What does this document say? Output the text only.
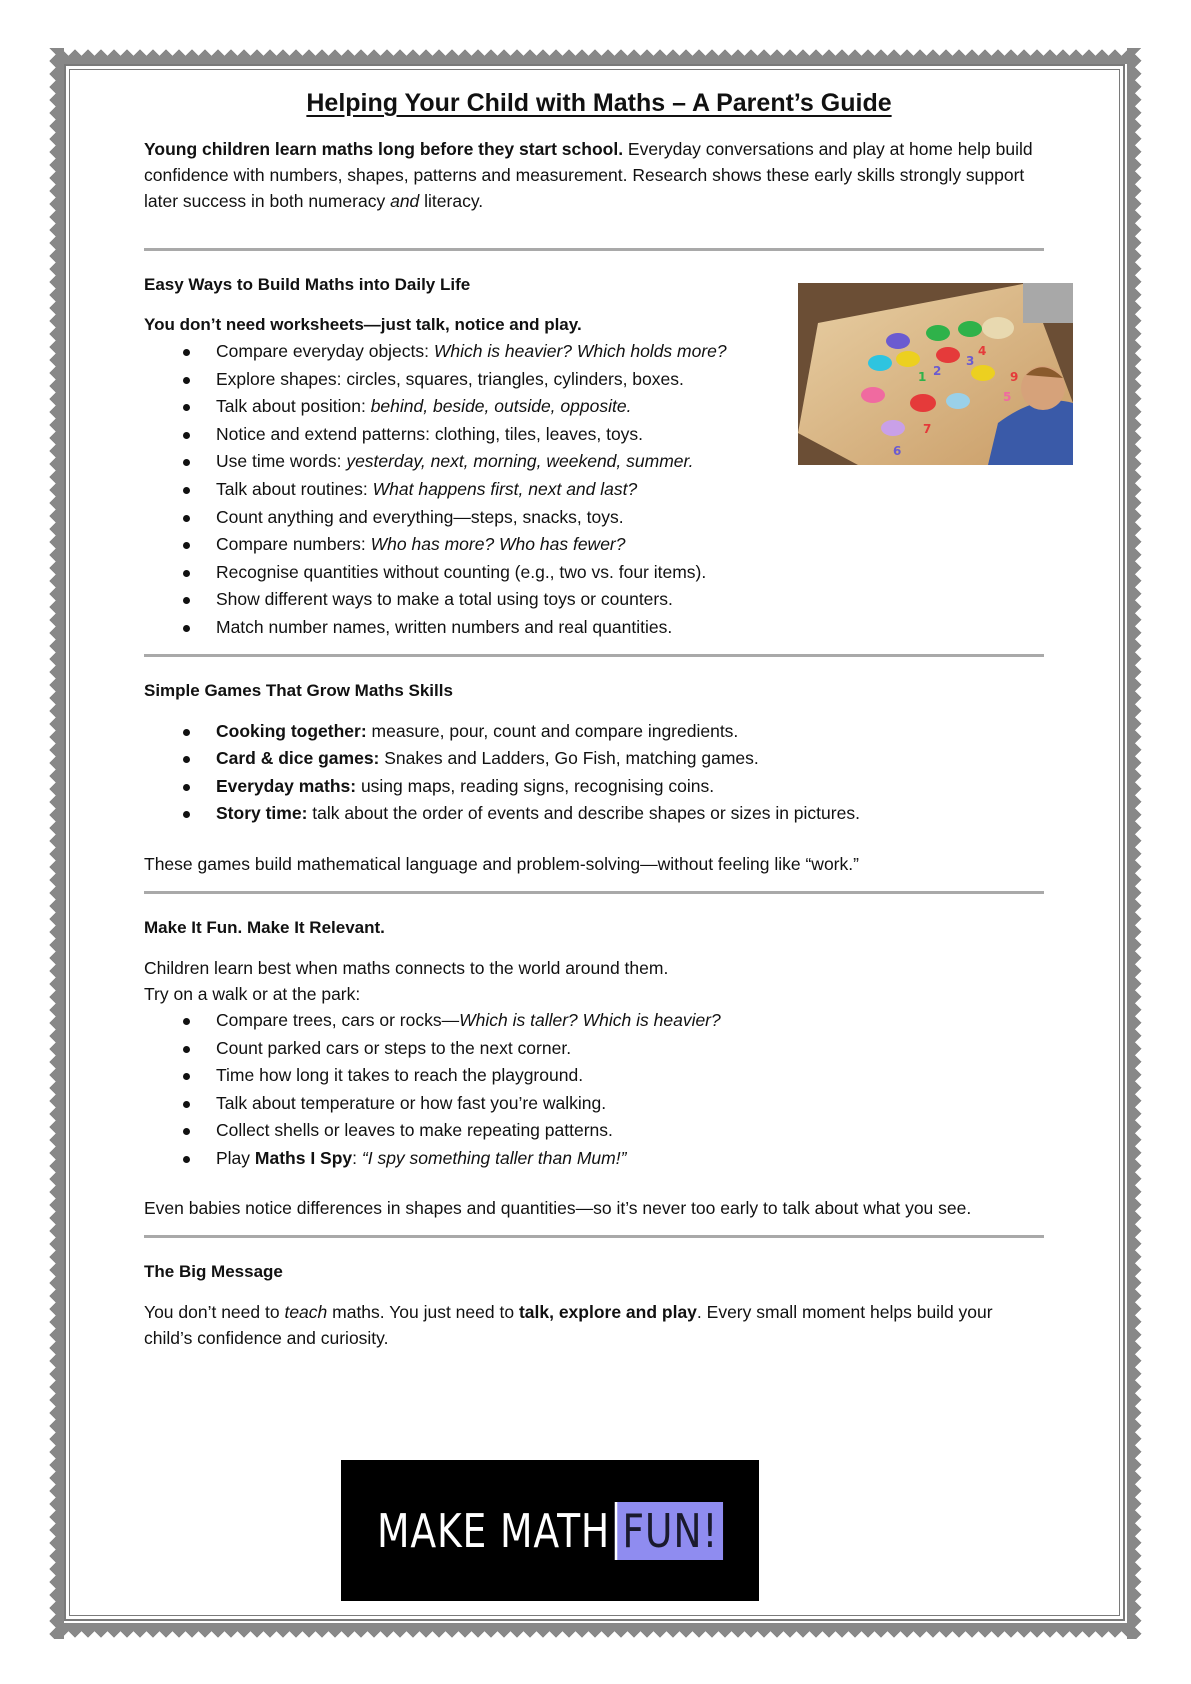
Helping Your Child with Maths – A Parent’s Guide

Young children learn maths long before they start school. Everyday conversations and play at home help build confidence with numbers, shapes, patterns and measurement. Research shows these early skills strongly support later success in both numeracy and literacy.

Easy Ways to Build Maths into Daily Life

You don’t need worksheets—just talk, notice and play.

Compare everyday objects: Which is heavier? Which holds more?
Explore shapes: circles, squares, triangles, cylinders, boxes.
Talk about position: behind, beside, outside, opposite.
Notice and extend patterns: clothing, tiles, leaves, toys.
Use time words: yesterday, next, morning, weekend, summer.
Talk about routines: What happens first, next and last?
Count anything and everything—steps, snacks, toys.
Compare numbers: Who has more? Who has fewer?
Recognise quantities without counting (e.g., two vs. four items).
Show different ways to make a total using toys or counters.
Match number names, written numbers and real quantities.

Simple Games That Grow Maths Skills

Cooking together: measure, pour, count and compare ingredients.
Card & dice games: Snakes and Ladders, Go Fish, matching games.
Everyday maths: using maps, reading signs, recognising coins.
Story time: talk about the order of events and describe shapes or sizes in pictures.

These games build mathematical language and problem-solving—without feeling like “work.”

Make It Fun. Make It Relevant.

Children learn best when maths connects to the world around them.

Try on a walk or at the park:

Compare trees, cars or rocks—Which is taller? Which is heavier?
Count parked cars or steps to the next corner.
Time how long it takes to reach the playground.
Talk about temperature or how fast you’re walking.
Collect shells or leaves to make repeating patterns.
Play Maths I Spy: “I spy something taller than Mum!”

Even babies notice differences in shapes and quantities—so it’s never too early to talk about what you see.

The Big Message

You don’t need to teach maths. You just need to talk, explore and play. Every small moment helps build your child’s confidence and curiosity.

1 2
3
4
5
6
7
9
MAKE MATH FUN!
